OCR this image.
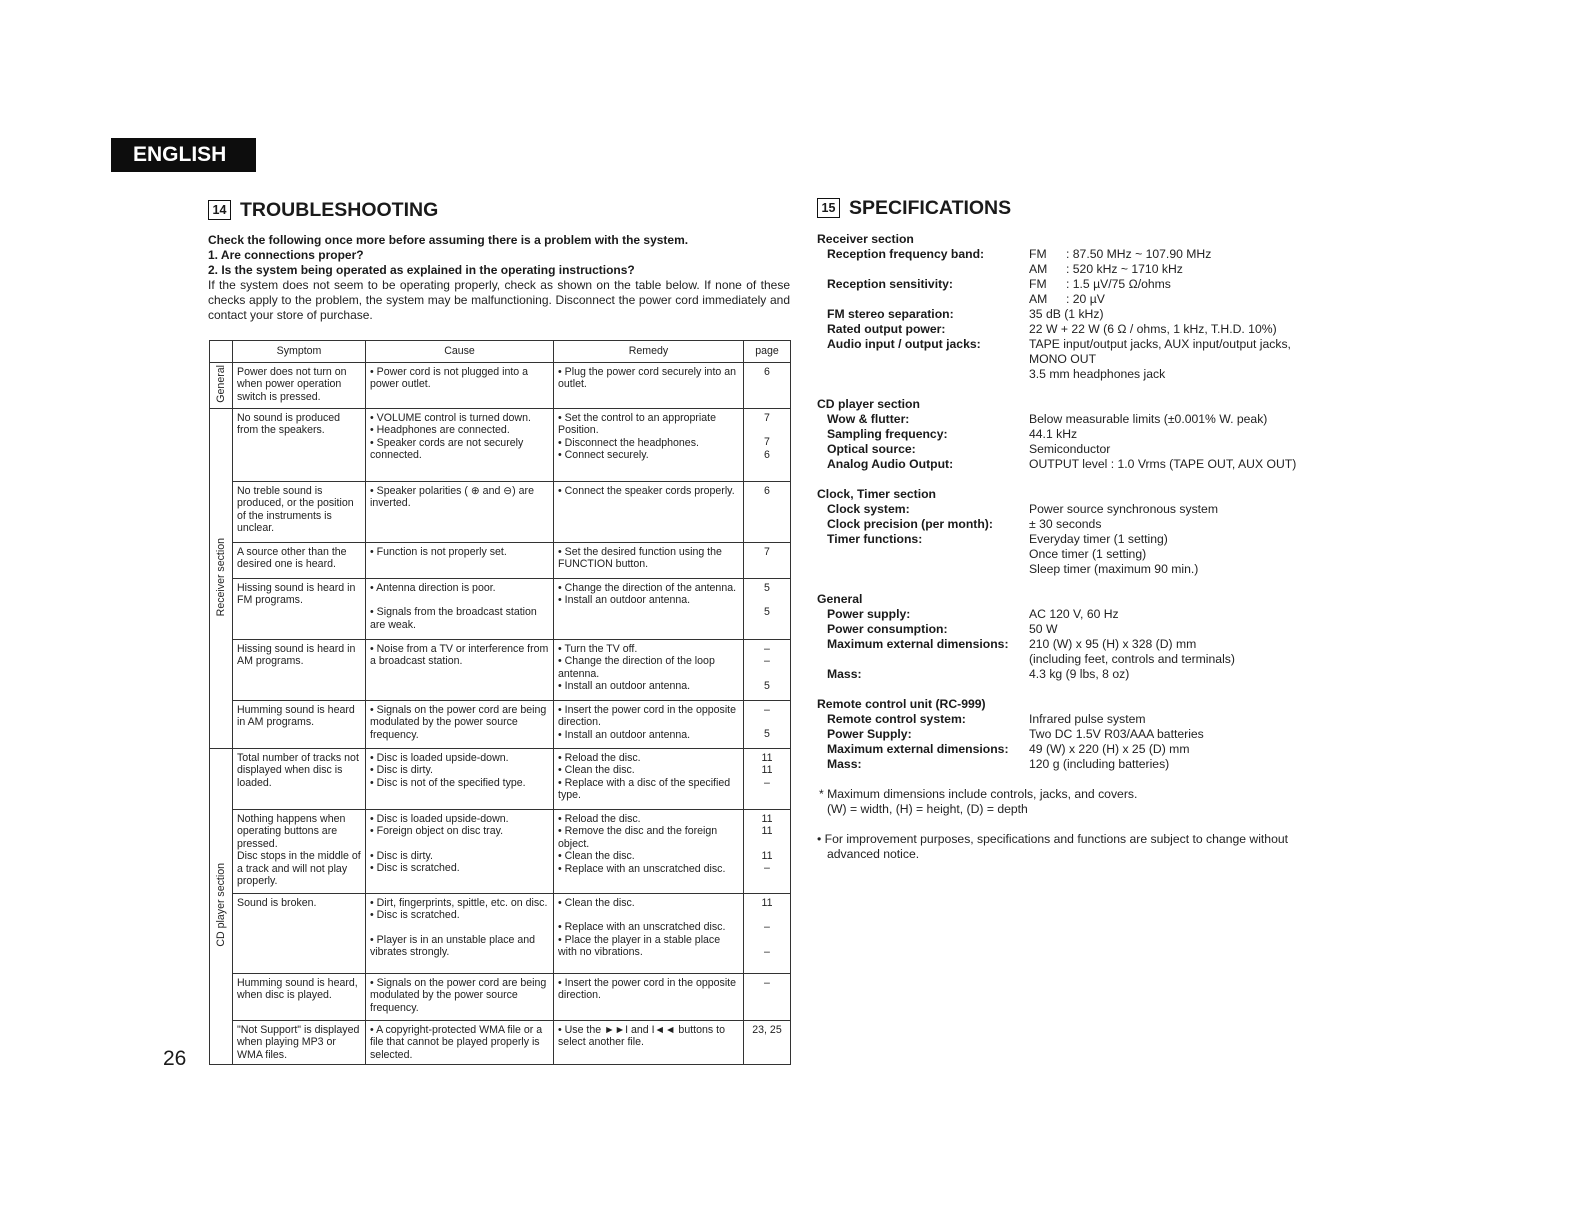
ENGLISH
14 TROUBLESHOOTING
Check the following once more before assuming there is a problem with the system.
1. Are connections proper?
2. Is the system being operated as explained in the operating instructions?
If the system does not seem to be operating properly, check as shown on the table below. If none of these checks apply to the problem, the system may be malfunctioning. Disconnect the power cord immediately and contact your store of purchase.
	Symptom	Cause	Remedy	page
General	Power does not turn on when power operation switch is pressed.	• Power cord is not plugged into a power outlet.	• Plug the power cord securely into an outlet.	6

Receiver section	No sound is produced from the speakers.	• VOLUME control is turned down.
• Headphones are connected.
• Speaker cords are not securely connected.	• Set the control to an appropriate Position.
• Disconnect the headphones.
• Connect securely.	7
7
6

	No treble sound is produced, or the position of the instruments is unclear.	• Speaker polarities ( ⊕ and ⊖) are inverted.	• Connect the speaker cords properly.	6

	A source other than the desired one is heard.	• Function is not properly set.	• Set the desired function using the FUNCTION button.	7

	Hissing sound is heard in FM programs.	• Antenna direction is poor.
• Signals from the broadcast station are weak.	• Change the direction of the antenna.
• Install an outdoor antenna.	5
5

	Hissing sound is heard in AM programs.	• Noise from a TV or interference from a broadcast station.	• Turn the TV off.
• Change the direction of the loop antenna.
• Install an outdoor antenna.	–
–
5

	Humming sound is heard in AM programs.	• Signals on the power cord are being modulated by the power source frequency.	• Insert the power cord in the opposite direction.
• Install an outdoor antenna.	–
5

CD player section	Total number of tracks not displayed when disc is loaded.	• Disc is loaded upside-down.
• Disc is dirty.
• Disc is not of the specified type.	• Reload the disc.
• Clean the disc.
• Replace with a disc of the specified type.	11
11
–

	Nothing happens when operating buttons are pressed.
Disc stops in the middle of a track and will not play properly.	• Disc is loaded upside-down.
• Foreign object on disc tray.
• Disc is dirty.
• Disc is scratched.	• Reload the disc.
• Remove the disc and the foreign object.
• Clean the disc.
• Replace with an unscratched disc.	11
11
11
–

	Sound is broken.	• Dirt, fingerprints, spittle, etc. on disc.
• Disc is scratched.
• Player is in an unstable place and vibrates strongly.	• Clean the disc.
• Replace with an unscratched disc.
• Place the player in a stable place with no vibrations.	11
–
–

	Humming sound is heard, when disc is played.	• Signals on the power cord are being modulated by the power source frequency.	• Insert the power cord in the opposite direction.	–

	"Not Support" is displayed when playing MP3 or WMA files.	• A copyright-protected WMA file or a file that cannot be played properly is selected.	• Use the ►►I and I◄◄ buttons to select another file.	23, 25
26
15 SPECIFICATIONS
Receiver section
Reception frequency band:	FM : 87.50 MHz ~ 107.90 MHz
AM : 520 kHz ~ 1710 kHz
Reception sensitivity:	FM : 1.5 µV/75 Ω/ohms
AM : 20 µV
FM stereo separation:	35 dB (1 kHz)
Rated output power:	22 W + 22 W (6 Ω / ohms, 1 kHz, T.H.D. 10%)
Audio input / output jacks:	TAPE input/output jacks, AUX input/output jacks,
MONO OUT
3.5 mm headphones jack
CD player section
Wow & flutter:	Below measurable limits (±0.001% W. peak)
Sampling frequency:	44.1 kHz
Optical source:	Semiconductor
Analog Audio Output:	OUTPUT level : 1.0 Vrms (TAPE OUT, AUX OUT)
Clock, Timer section
Clock system:	Power source synchronous system
Clock precision (per month):	± 30 seconds
Timer functions:	Everyday timer (1 setting)
Once timer (1 setting)
Sleep timer (maximum 90 min.)
General
Power supply:	AC 120 V, 60 Hz
Power consumption:	50 W
Maximum external dimensions:	210 (W) x 95 (H) x 328 (D) mm
(including feet, controls and terminals)
Mass:	4.3 kg (9 lbs, 8 oz)
Remote control unit (RC-999)
Remote control system:	Infrared pulse system
Power Supply:	Two DC 1.5V R03/AAA batteries
Maximum external dimensions:	49 (W) x 220 (H) x 25 (D) mm
Mass:	120 g (including batteries)
* Maximum dimensions include controls, jacks, and covers.
(W) = width, (H) = height, (D) = depth
• For improvement purposes, specifications and functions are subject to change without
advanced notice.
